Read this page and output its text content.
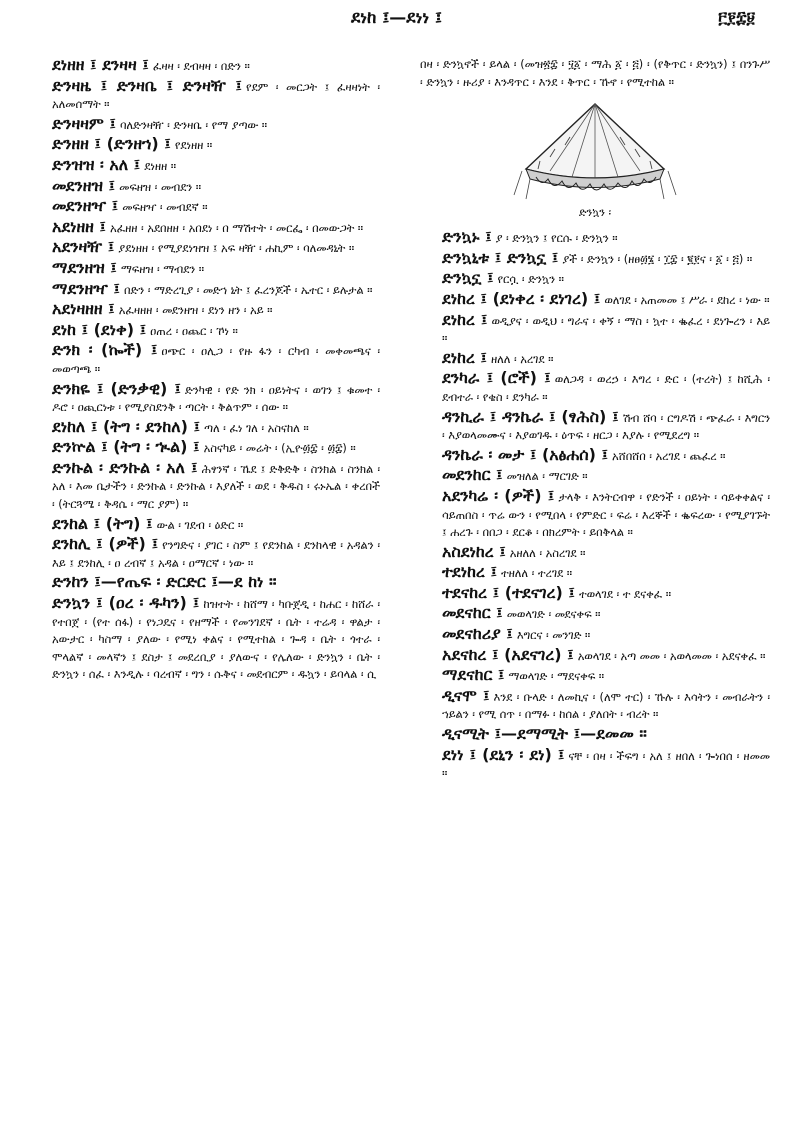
ደነከ ፤—ደነነ ፤	፫፻፰፱

ደነዘዘ ፤ ደንዛዛ ፤ ፈዛዛ ፡ ደብዛዛ ፡ በድን ።

ድንዛዜ ፤ ድንዛቤ ፤ ድንዛዥ ፤ የደም ፡ መርጋት ፤ ፈዛዛነት ፡ አለመሰማት ።

ድንዛዛም ፤ ባለድንዛዥ ፡ ድንዛቤ ፡ የማ ያጣው ።

ድንዘዘ ፤ (ድንዘኀ) ፤ የደነዘዘ ።

ድንዝዝ ፡ አለ ፤ ደነዘዘ ።

መደንዘዝ ፤ መፍዘዝ ፡ መብደን ።

መደንዘዣ ፤ መፍዘዣ ፡ መብደኛ ።

አደነዘዘ ፤ አፈዘዘ ፡ አደበዘዘ ፡ አበደነ ፡ በ ማሽተት ፡ መርፌ ፡ በመውጋት ።

አደንዛዥ ፤ ያደነዘዘ ፡ የሚያደነዝዝ ፤ አፍ ዛዥ ፡ ሐኪም ፡ ባለመዳኒት ።

ማደንዘዝ ፤ ማፍዘዝ ፡ ማብደን ።

ማደንዘዣ ፤ በድን ፡ ማድረጊያ ፡ መድኀ ኒት ፤ ፈረንጆች ፡ ኤተር ፡ ይሉታል ።

አደነዛዘዘ ፤ አፈዛዘዘ ፡ መደንዘዝ ፡ ደነን ዘን ፡ አይ ።

ደነከ ፤ (ደነቀ) ፤ ዐጠረ ፡ ዐጨር ፡ ኾነ ።

ድንክ ፡ (ኰች) ፤ ዐጭር ፡ ዐሊጋ ፡ የዙ ፋን ፡ ርካብ ፡ መቀመጫና ፡ መወጣጫ ።

ድንክዬ ፤ (ድንቃዊ) ፤ ድንካዊ ፡ የድ ንክ ፡ ዐይነትና ፡ ወገን ፤ ቁመተ ፡ ዶሮ ፡ ዐጪርነቱ ፡ የሚያስደንቅ ፡ ጣርት ፡ ቅልጥም ፡ ሰው ።

ደነከለ ፤ (ትግ ፡ ደንከለ) ፤ ጣለ ፡ ፈነ ገለ ፡ አስናከለ ።

ድንኵል ፤ (ትግ ፡ ኊል) ፤ አስናካይ ፡ መሬት ፡ (ኢዮ፴፰ ፡ ፴፰) ።

ድንኩል ፡ ድንኩል ፡ አለ ፤ ሕፃንኛ ፡ ኼደ ፤ ድቅድቅ ፡ ስንክል ፡ ስንክል ፡ አለ ፡ እመ ቤታችን ፡ ድንኩል ፡ ድንኩል ፡ እያለች ፡ ወደ ፡ ቅዱስ ፡ ሩኑኤል ፡ ቀረበች ፡ (ትርጓሜ ፡ ቅዳሴ ፡ ማር ያም) ።

ደንከል ፤ (ትግ) ፤ ውል ፡ ገደብ ፡ ዕድር ።

ደንከሊ ፤ (ዎች) ፤ የንግድና ፡ ያገር ፡ ስም ፤ የደንከል ፡ ደንከላዊ ፡ አዳልን ፡ እይ ፤ ደንከሊ ፡ ዐ ረብኛ ፤ አዳል ፡ ዐማርኛ ፡ ነው ።

ድንከን ፤—የጤፍ ፡ ድርድር ፤—ደ ከነ ።

ድንኳን ፤ (ዐረ ፡ ዱካን) ፤ ከዝተት ፡ ከሸማ ፡ ካቡጀዲ ፡ ከሐር ፡ ከሸራ ፡ የተበጀ ፡ (የተ ሰፋ) ፡ የነጋዴና ፡ የዘማች ፡ የመንገደኛ ፡ ቤት ፡ ተሬዳ ፡ ዋልታ ፡ አውታር ፡ ካስማ ፡ ያለው ፡ የሚነ ቀልና ፡ የሚተከል ፡ ጐዳ ፡ ቤት ፡ ጎተራ ፡ ሞላልኛ ፡ መላኛን ፤ ደስታ ፤ መደረቢያ ፡ ያለውና ፡ የሌለው ፡ ድንኳን ፡ ቤት ፡ ድንኳን ፡ ሰፈ ፡ እንዲሉ ፡ ባረብኛ ፡ ግን ፡ ሱቅና ፡ መደብርም ፡ ዱኳን ፡ ይባላል ፡ ሲ

በዛ ፡ ድንኳኖች ፡ ይላል ፡ (መዝ፳፰ ፡ ፶፩ ፡ ማሕ ፩ ፡ ፭) ፡ (የቅጥር ፡ ድንኳን) ፤ በንጉሥ ፡ ድንኳን ፡ ዙሪያ ፡ እንዳጥር ፡ እንደ ፡ ቅጥር ፡ ኹኖ ፡ የሚተከል ።
ድንኳን ፡

ድንኳኑ ፤ ያ ፡ ድንኳን ፤ የርሱ ፡ ድንኳን ።

ድንኳኒቱ ፤ ድንኳኗ ፤ ያች ፡ ድንኳን ፡ (ዘፀ፴፮ ፡ ፲፰ ፡ ፪፻ና ፡ ፩ ፡ ፭) ።

ድንኳኗ ፤ የርሷ ፡ ድንኳን ።

ደነከረ ፤ (ደነቀረ ፡ ደነገረ) ፤ ወለገደ ፡ አጠመመ ፤ ሥራ ፡ ደከረ ፡ ነው ።

ደነከረ ፤ ወዲያና ፡ ወዲህ ፡ ግራና ፡ ቀኝ ፡ ማስ ፡ ኳተ ፡ ቈፈረ ፡ ደነጐረን ፡ እይ ።

ደነከረ ፤ ዘለለ ፡ አረገደ ።

ደንካራ ፤ (ሮች) ፤ ወለጋዳ ፡ ወረኃ ፡ እግረ ፡ ድር ፡ (ተረት) ፤ ከሺሕ ፡ ደብተራ ፡ የቄስ ፡ ደንካራ ።

ዳንኪራ ፤ ዳንኬራ ፤ (ፃሕስ) ፤ ሽብ ሸባ ፡ ርግዶሽ ፡ ጭፈራ ፡ እግርን ፡ እያወላመሙና ፡ እያወገዱ ፡ ዕጥፍ ፡ ዘርጋ ፡ እያሉ ፡ የሚደረግ ።

ዳንኬራ ፡ መታ ፤ (አፅሐሰ) ፤ አሸበሸበ ፡ አረገደ ፡ ጨፈረ ።

መደንከር ፤ መዝለል ፡ ማርገድ ።

አደንካሬ ፡ (ዎች) ፤ ታላቅ ፡ እንትርብዋ ፡ የድንች ፡ ዐይነት ፡ ሳይቀቀልና ፡ ሳይጠበስ ፡ ጥሬ ውን ፡ የሚበላ ፡ የምድር ፡ ፍሬ ፡ እረኞች ፡ ቈፍረው ፡ የሚያገኙት ፤ ሐረጉ ፡ በበጋ ፡ ደርቆ ፡ በክረምት ፡ ይበቅላል ።

አስደነከረ ፤ አዘለለ ፡ አስረገደ ።

ተደነከረ ፤ ተዘለለ ፡ ተረገደ ።

ተደናከረ ፤ (ተደናገረ) ፤ ተወላገደ ፡ ተ ደናቀፈ ።

መደናከር ፤ መወላገድ ፡ መደናቀፍ ።

መደናከሪያ ፤ እግርና ፡ መንገድ ።

አደናከረ ፤ (አደናገረ) ፤ አወላገደ ፡ አጣ መመ ፡ አወላመመ ፡ አደናቀፈ ።

ማደናከር ፤ ማወላገድ ፡ ማደናቀፍ ።

ዲናሞ ፤ እንደ ፡ ቡላድ ፡ ለመኪና ፡ (ለሞ ተር) ፡ ኹሉ ፡ እሳትን ፡ መብራትን ፡ ኀይልን ፡ የሚ ሰጥ ፡ በማፉ ፡ ከሰል ፡ ያለበት ፡ ብረት ።

ዲናሚት ፤—ደማሚት ፤—ደመመ ።

ደነነ ፤ (ደኒን ፡ ደነ) ፤ ናቸ ፡ በዛ ፡ ችፍግ ፡ አለ ፤ ዘበለ ፡ ጐነበሰ ፡ ዘመመ ።
